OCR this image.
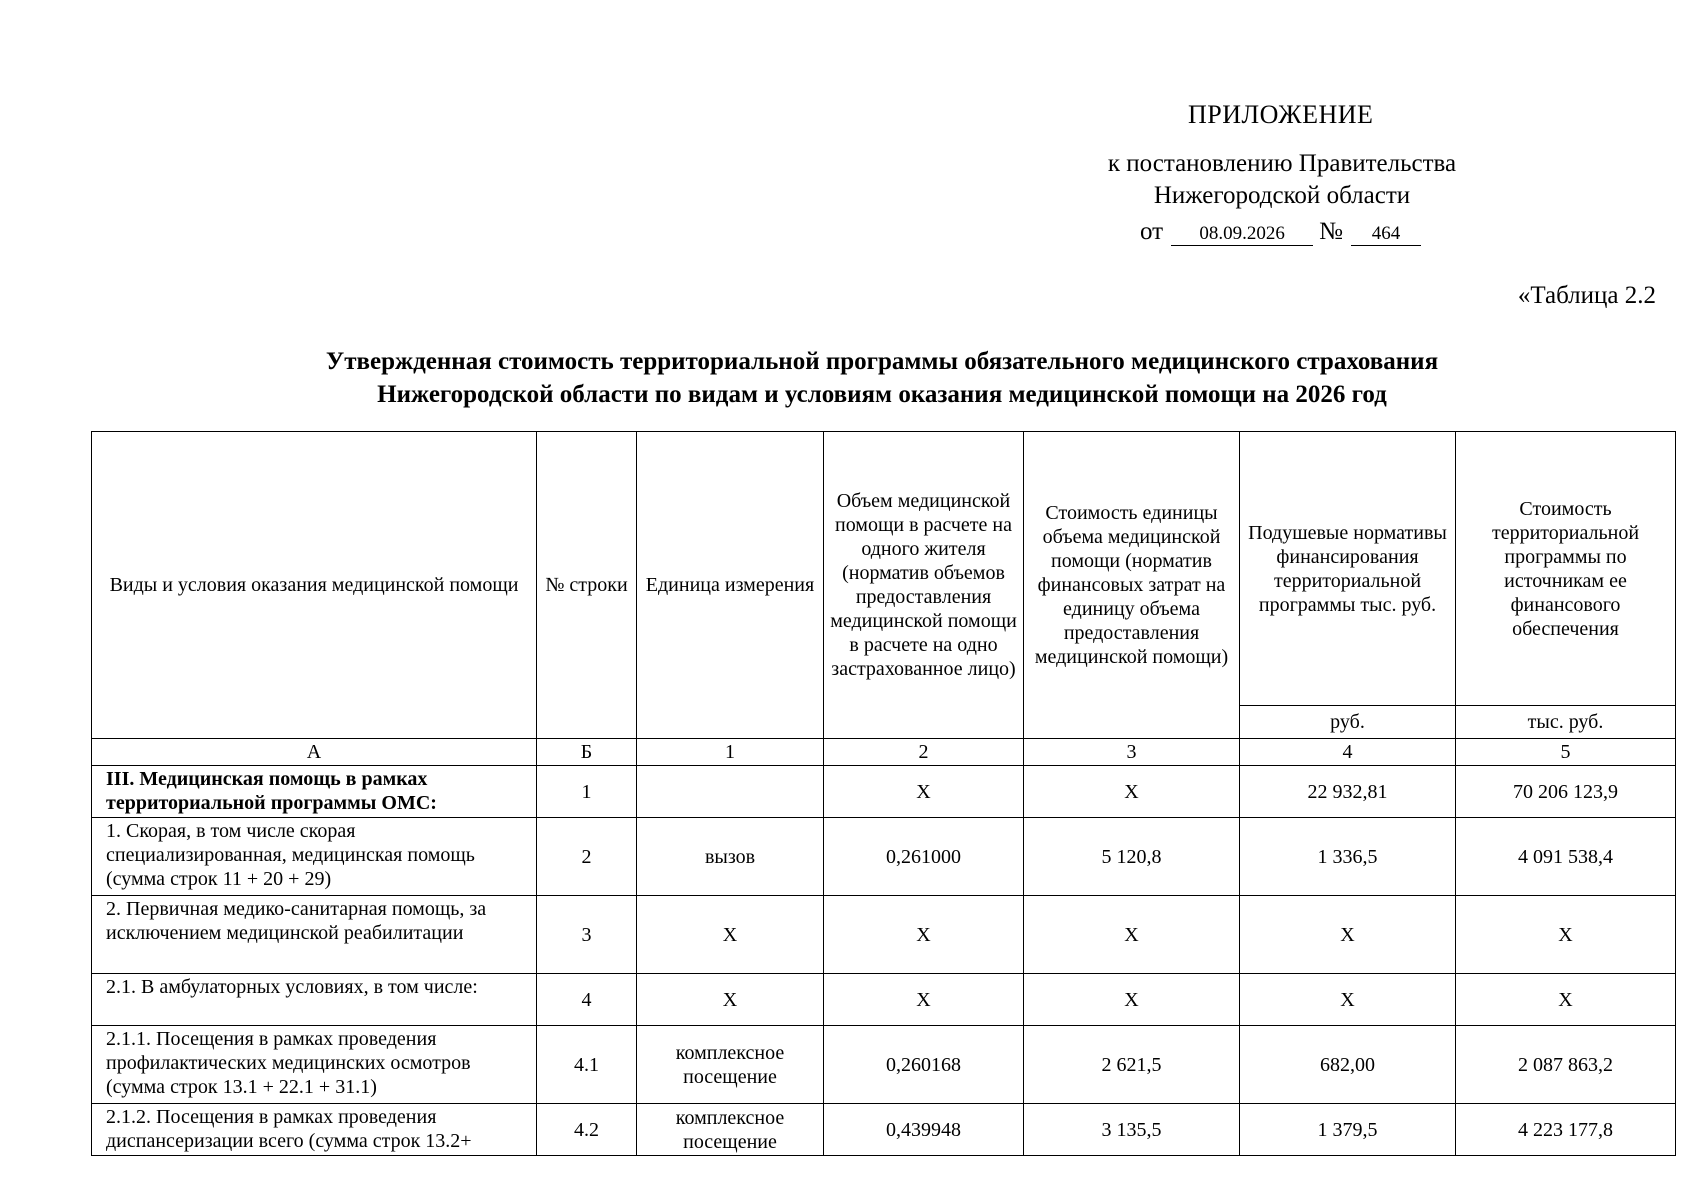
ПРИЛОЖЕНИЕ
к постановлению Правительства
Нижегородской области
от 08.09.2026 № 464
«Таблица 2.2
Утвержденная стоимость территориальной программы обязательного медицинского страхования
Нижегородской области по видам и условиям оказания медицинской помощи на 2026 год
Виды и условия оказания медицинской помощи	№ строки	Единица измерения	Объем медицинской помощи в расчете на одного жителя (норматив объемов предоставления медицинской помощи в расчете на одно застрахованное лицо)	Стоимость единицы объема медицинской помощи (норматив финансовых затрат на единицу объема предоставления медицинской помощи)	Подушевые нормативы финансирования территориальной программы тыс. руб.	Стоимость территориальной программы по источникам ее финансового обеспечения
					руб.	тыс. руб.
А	Б	1	2	3	4	5
III. Медицинская помощь в рамках территориальной программы ОМС:	1		Х	Х	22 932,81	70 206 123,9
1. Скорая, в том числе скорая специализированная, медицинская помощь (сумма строк 11 + 20 + 29)	2	вызов	0,261000	5 120,8	1 336,5	4 091 538,4
2. Первичная медико-санитарная помощь, за исключением медицинской реабилитации	3	Х	Х	Х	Х	Х
2.1. В амбулаторных условиях, в том числе:	4	Х	Х	Х	Х	Х
2.1.1. Посещения в рамках проведения профилактических медицинских осмотров (сумма строк 13.1 + 22.1 + 31.1)	4.1	комплексное посещение	0,260168	2 621,5	682,00	2 087 863,2
2.1.2. Посещения в рамках проведения диспансеризации всего (сумма строк 13.2+	4.2	комплексное посещение	0,439948	3 135,5	1 379,5	4 223 177,8
